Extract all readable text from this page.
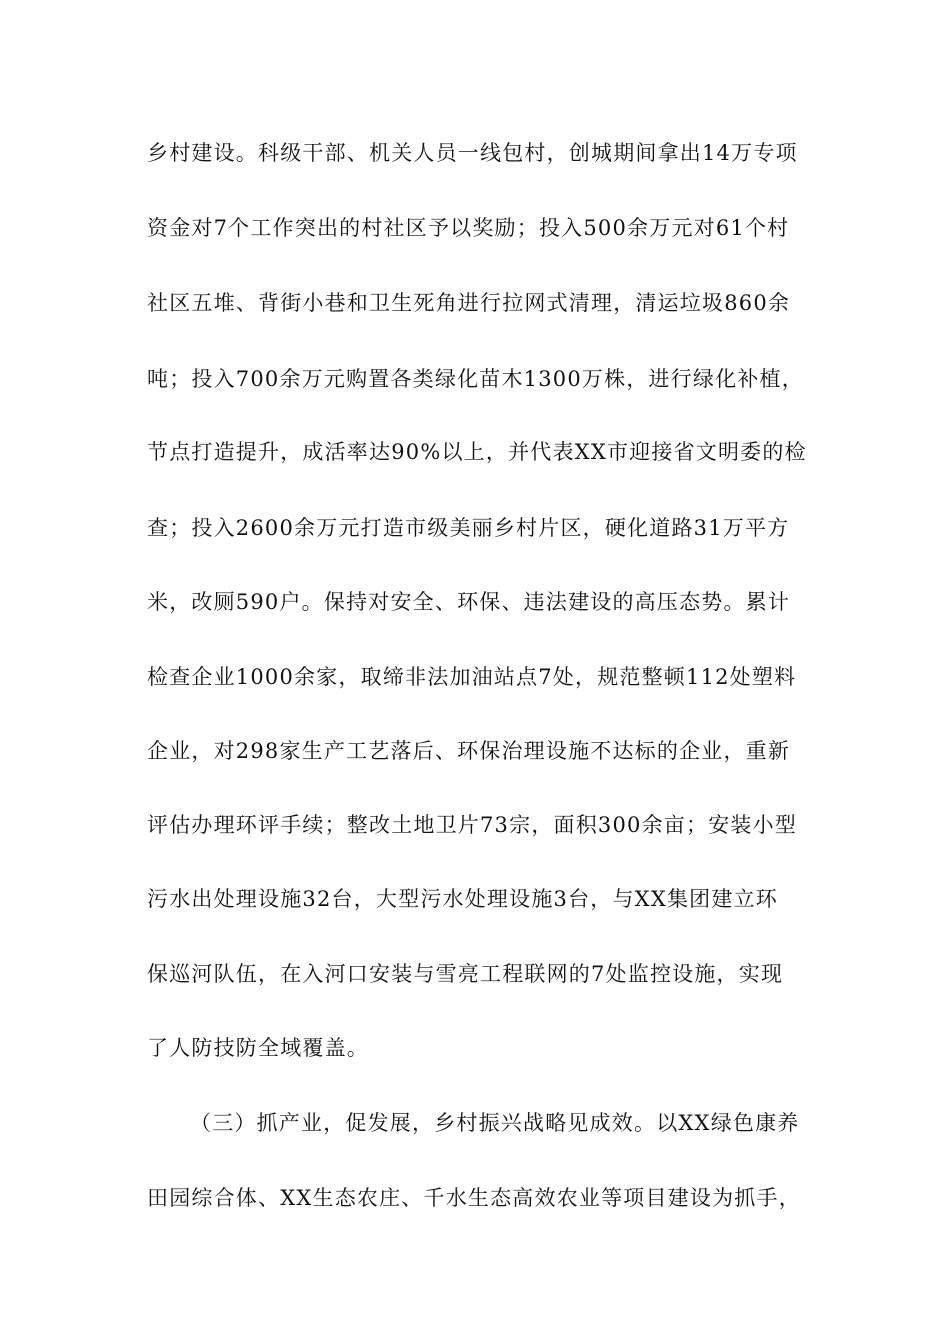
乡村建设。科级干部、机关人员一线包村，创城期间拿出14万专项
资金对7个工作突出的村社区予以奖励；投入500余万元对61个村
社区五堆、背街小巷和卫生死角进行拉网式清理，清运垃圾860余
吨；投入700余万元购置各类绿化苗木1300万株，进行绿化补植，
节点打造提升，成活率达90%以上，并代表XX市迎接省文明委的检
查；投入2600余万元打造市级美丽乡村片区，硬化道路31万平方
米，改厕590户。保持对安全、环保、违法建设的高压态势。累计
检查企业1000余家，取缔非法加油站点7处，规范整顿112处塑料
企业，对298家生产工艺落后、环保治理设施不达标的企业，重新
评估办理环评手续；整改土地卫片73宗，面积300余亩；安装小型
污水出处理设施32台，大型污水处理设施3台，与XX集团建立环
保巡河队伍，在入河口安装与雪亮工程联网的7处监控设施，实现
了人防技防全域覆盖。
（三）抓产业，促发展，乡村振兴战略见成效。以XX绿色康养
田园综合体、XX生态农庄、千水生态高效农业等项目建设为抓手，
